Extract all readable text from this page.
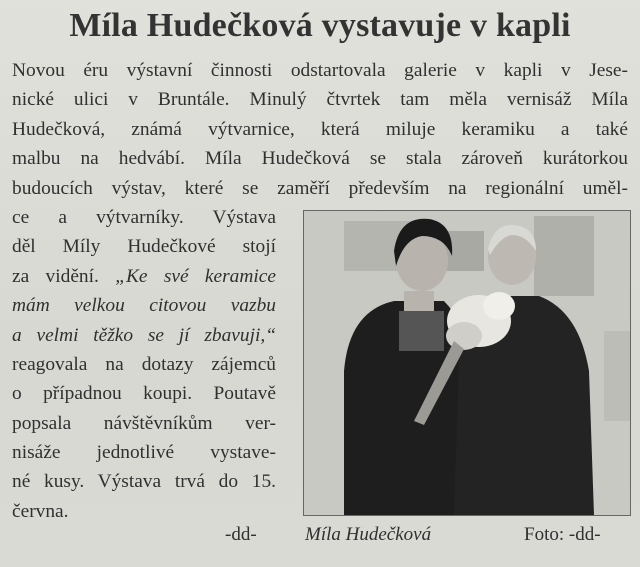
Míla Hudečková vystavuje v kapli
Novou éru výstavní činnosti odstartovala galerie v kapli v Jese-
nické ulici v Bruntále. Minulý čtvrtek tam měla vernisáž Míla
Hudečková, známá výtvarnice, která miluje keramiku a také
malbu na hedvábí. Míla Hudečková se stala zároveň kurátorkou
budoucích výstav, které se zaměří především na regionální uměl-
ce a výtvarníky. Výstava
děl Míly Hudečkové stojí
za vidění. „Ke své keramice
mám velkou citovou vazbu
a velmi těžko se jí zbavuji,“
reagovala na dotazy zájemců
o případnou koupi. Poutavě
popsala návštěvníkům ver-
nisáže jednotlivé vystave-
né kusy. Výstava trvá do 15.
června.
-dd-	Míla Hudečková	Foto: -dd-
